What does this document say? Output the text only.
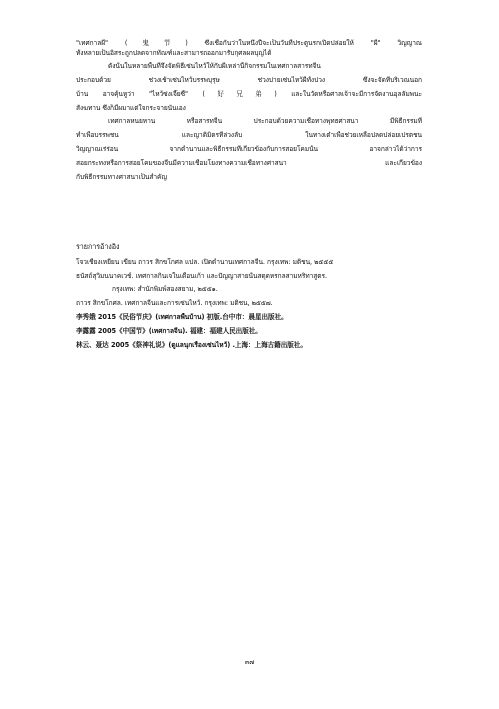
"เทศกาลผี" (鬼节) ซึ่งเชื่อกันว่าในหนึ่งปีจะเป็นวันที่ประตูนรกเปิดปล่อยให้ "ผี" วิญญาณ
ทั้งหลายเป็นอิสระถูกปลดจากทัณฑ์และสามารถออกมารับกุศลผลบุญได้
ดังนั้นในหลายพื้นที่จึงจัดพิธีเซ่นไหว้ให้กับผีเหล่านี้กิจกรรมในเทศกาลสารทจีน
ประกอบด้วย ช่วงเช้าเซ่นไหว้บรรพบุรุษ ช่วงบ่ายเซ่นไหว้ผีทั้งปวง ซึ่งจะจัดที่บริเวณนอก
บ้าน อาจคุ้นหูว่า "ไหว้ซ่งเจี๊ยซี้" (好兄弟) และในวัดหรือศาลเจ้าจะมีการจัดงานอุลลัมพนะ
สังฆทาน ซึ่งก็มีผมาแต่ใจกระจายนั่นเอง
เทศกาลหนยหาน หรือสารทจีน ประกอบด้วยความเชื่อทางพุทธศาสนา มีพิธีกรรมที่
ทำเพื่อบรรพชน และญาติมิตรที่ล่วงลับ ในทางเต๋าเพื่อช่วยเหลือปลดปล่อยเปรตชน
วิญญาณเร่ร่อน จากตำนานและพิธีกรรมที่เกี่ยวข้องกับการสอยโคมนั้น อาจกล่าวได้ว่าการ
สอยกระทงหรือการสอยโคมของจีนมีความเชื่อมโยงทางความเชื่อทางศาสนา และเกี่ยวข้อง
กับพิธีกรรมทางศาสนาเป็นสำคัญ
รายการอ้างอิง
โจวเชี่ยงเหยียน เขียน ถาวร สิกขโกศล แปล. เปิดตำนานเทศกาลจีน. กรุงเทพ: มติชน, ๒๕๕๕
ธนัสถ์สุวิมนนาคเวช์. เทศกาลกินเจในเดือนเก้า และปัญญาสายนั้นสดุดหรกลสามหริทาสูตร.
กรุงเทพ: สำนักพิมพ์สองสยาม, ๒๕๕๑.
ถาวร สิกขโกศล. เทศกาลจีนและการเซ่นไหว้. กรุงเทพ: มติชน, ๒๕๕๗.
李秀娥 2015《民俗节庆》(เทศกาลพื้นบ้าน) 初版.台中市：晨星出版社。
李露露 2005《中国节》(เทศกาลจีน). 福建：福建人民出版社。
林云、聂达 2005《祭神礼说》(ดูแลนุกเรื่องเซ่นไหว้) .上海：上海古籍出版社。
๓๗
